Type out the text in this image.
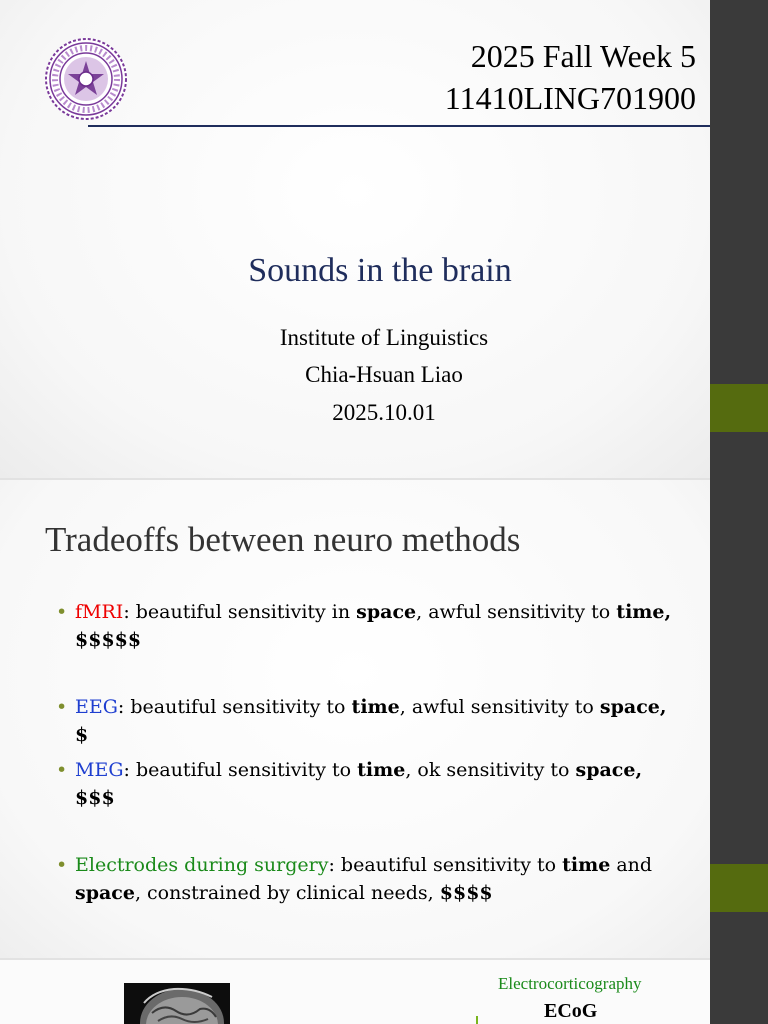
2025 Fall Week 5
11410LING701900
Sounds in the brain
Institute of Linguistics
Chia-Hsuan Liao
2025.10.01
Tradeoffs between neuro methods
• fMRI: beautiful sensitivity in space, awful sensitivity to time, $$$$$
• EEG: beautiful sensitivity to time, awful sensitivity to space, $
• MEG: beautiful sensitivity to time, ok sensitivity to space, $$$
• Electrodes during surgery: beautiful sensitivity to time and space, constrained by clinical needs, $$$$
Electrocorticography
ECoG
